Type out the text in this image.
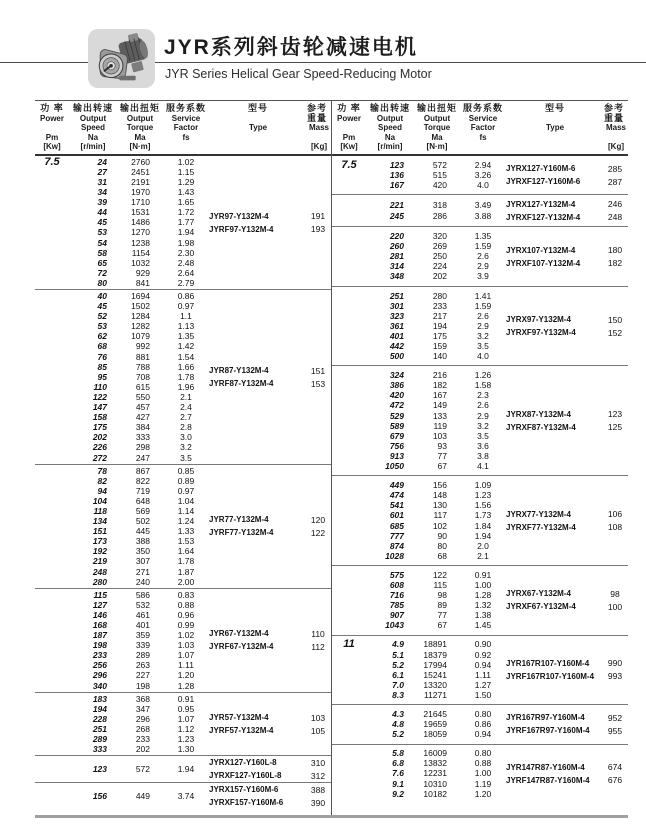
JYR系列斜齿轮减速电机
JYR Series Helical Gear Speed-Reducing Motor
功 率
Power
Pm
[Kw]
输出转速
Output
Speed
Na
[r/min]
输出扭矩
Output
Torque
Ma
[N·m]
服务系数
Service
Factor
fs
型号
Type
参考重量
Mass
[Kg]
7.5	24	2760	1.02
27	2451	1.15
31	2191	1.29
34	1970	1.43
39	1710	1.65
44	1531	1.72
45	1486	1.77
53	1270	1.94
54	1238	1.98
58	1154	2.30
65	1032	2.48
72	929	2.64
80	841	2.79
JYR97-Y132M-4	191
JYRF97-Y132M-4	193
40	1694	0.86
45	1502	0.97
52	1284	1.1
53	1282	1.13
62	1079	1.35
68	992	1.42
76	881	1.54
85	788	1.66
95	708	1.78
110	615	1.96
122	550	2.1
147	457	2.4
158	427	2.7
175	384	2.8
202	333	3.0
226	298	3.2
272	247	3.5
JYR87-Y132M-4	151
JYRF87-Y132M-4	153
78	867	0.85
82	822	0.89
94	719	0.97
104	648	1.04
118	569	1.14
134	502	1.24
151	445	1.33
173	388	1.53
192	350	1.64
219	307	1.78
248	271	1.87
280	240	2.00
JYR77-Y132M-4	120
JYRF77-Y132M-4	122
115	586	0.83
127	532	0.88
146	461	0.96
168	401	0.99
187	359	1.02
198	339	1.03
233	289	1.07
256	263	1.11
296	227	1.20
340	198	1.28
JYR67-Y132M-4	110
JYRF67-Y132M-4	112
183	368	0.91
194	347	0.95
228	296	1.07
251	268	1.12
289	233	1.23
333	202	1.30
JYR57-Y132M-4	103
JYRF57-Y132M-4	105
123	572	1.94
JYRX127-Y160L-8	310
JYRXF127-Y160L-8	312
156	449	3.74
JYRX157-Y160M-6	388
JYRXF157-Y160M-6	390
功 率
Power
Pm
[Kw]
输出转速
Output
Speed
Na
[r/min]
输出扭矩
Output
Torque
Ma
[N·m]
服务系数
Service
Factor
fs
型号
Type
参考重量
Mass
[Kg]
7.5	123	572	2.94
136	515	3.26
167	420	4.0
JYRX127-Y160M-6	285
JYRXF127-Y160M-6	287
221	318	3.49
245	286	3.88
JYRX127-Y132M-4	246
JYRXF127-Y132M-4	248
220	320	1.35
260	269	1.59
281	250	2.6
314	224	2.9
348	202	3.9
JYRX107-Y132M-4	180
JYRXF107-Y132M-4	182
251	280	1.41
301	233	1.59
323	217	2.6
361	194	2.9
401	175	3.2
442	159	3.5
500	140	4.0
JYRX97-Y132M-4	150
JYRXF97-Y132M-4	152
324	216	1.26
386	182	1.58
420	167	2.3
472	149	2.6
529	133	2.9
589	119	3.2
679	103	3.5
756	93	3.6
913	77	3.8
1050	67	4.1
JYRX87-Y132M-4	123
JYRXF87-Y132M-4	125
449	156	1.09
474	148	1.23
541	130	1.56
601	117	1.73
685	102	1.84
777	90	1.94
874	80	2.0
1028	68	2.1
JYRX77-Y132M-4	106
JYRXF77-Y132M-4	108
575	122	0.91
608	115	1.00
716	98	1.28
785	89	1.32
907	77	1.38
1043	67	1.45
JYRX67-Y132M-4	98
JYRXF67-Y132M-4	100
11	4.9	18891	0.90
5.1	18379	0.92
5.2	17994	0.94
6.1	15241	1.11
7.0	13320	1.27
8.3	11271	1.50
JYR167R107-Y160M-4	990
JYRF167R107-Y160M-4	993
4.3	21645	0.80
4.8	19659	0.86
5.2	18059	0.94
JYR167R97-Y160M-4	952
JYRF167R97-Y160M-4	955
5.8	16009	0.80
6.8	13832	0.88
7.6	12231	1.00
9.1	10310	1.19
9.2	10182	1.20
JYR147R87-Y160M-4	674
JYRF147R87-Y160M-4	676
